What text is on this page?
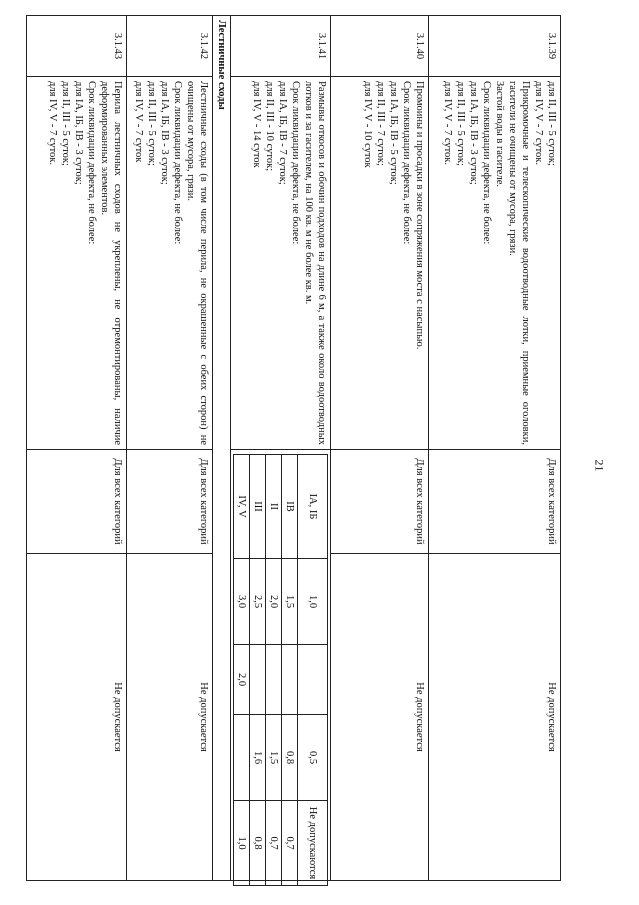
21
3.1.39	
для II, III - 5 суток;
для IV, V - 7 суток.
Прикромочные и телескопические водоотводные лотки, приемные оголовки, гасители не очищены от мусора, грязи.
Застой воды в гасителе.
Срок ликвидации дефекта, не более:
для IA, IБ, IВ - 3 суток;
для II, III - 5 суток;
для IV, V - 7 суток.
	Для всех категорий	Не допускается
3.1.40	
Промоины и просадки в зоне сопряжения моста с насыпью.
Срок ликвидации дефекта, не более:
для IA, IБ, IВ - 5 суток;
для II, III - 7 суток;
для IV, V - 10 суток
	Для всех категорий	Не допускается
3.1.41	
Размывы откосов и обочин подходов на длине 6 м, а также около водоотводных лотков и за гасителем, на 100 кв. м не более кв. м.
Срок ликвидации дефекта, не более:
для IA, IБ, IВ - 7 суток;
для II, III - 10 суток;
для IV, V - 14 суток

IA, IБ	1,0		0,5	Не допускаются
IВ	1,5		0,8	0,7
II	2,0		1,5	0,7
III	2,5		1,6	0,8
IV, V	3,0	2,0		1,0

Лестничные сходы
3.1.42	
Лестничные сходы (в том числе перила, не окрашенные с обеих сторон) не очищены от мусора, грязи.
Срок ликвидации дефекта, не более:
для IA, IБ, IВ - 3 суток;
для II, III - 5 суток;
для IV, V - 7 суток
	Для всех категорий	Не допускается
3.1.43	
Перила лестничных сходов не укреплены, не отремонтированы, наличие деформированных элементов.
Срок ликвидации дефекта, не более:
для IA, IБ, IВ - 3 суток;
для II, III - 5 суток;
для IV, V - 7 суток.
	Для всех категорий	Не допускается
